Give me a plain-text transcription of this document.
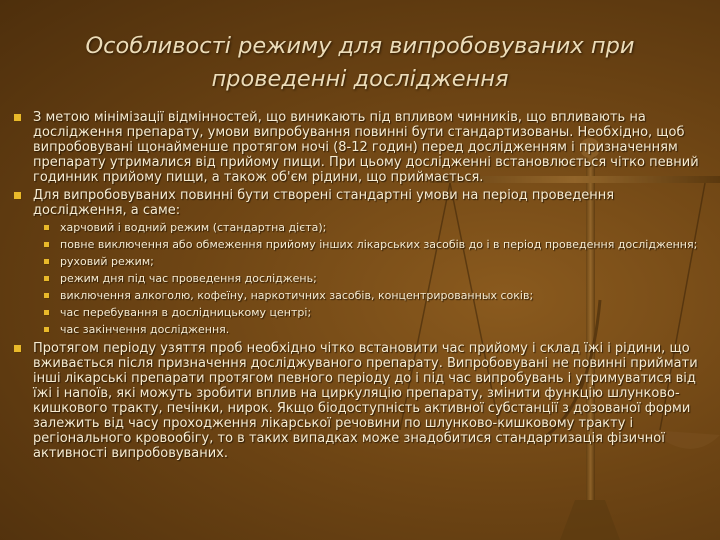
Особливості режиму для випробовуваних при проведенні дослідження
З метою мінімізації відмінностей, що виникають під впливом чинників, що впливають на дослідження препарату, умови випробування повинні бути стандартизованы. Необхідно, щоб випробовувані щонайменше протягом ночі (8-12 годин) перед дослідженням і призначенням препарату утрималися від прийому пищи. При цьому дослідженні встановлюється чітко певний годинник прийому пищи, а також об'єм рідини, що приймається.
Для випробовуваних повинні бути створені стандартні умови на період проведення дослідження, а саме:
харчовий і водний режим (стандартна дієта);
повне виключення або обмеження прийому інших лікарських засобів до і в період проведення дослідження;
руховий режим;
режим дня під час проведення досліджень;
виключення алкоголю, кофеїну, наркотичних засобів, концентрированных соків;
час перебування в дослідницькому центрі;
час закінчення дослідження.
Протягом періоду узяття проб необхідно чітко встановити час прийому і склад їжі і рідини, що вживається після призначення досліджуваного препарату. Випробовувані не повинні приймати інші лікарські препарати протягом певного періоду до і під час випробувань і утримуватися від їжі і напоїв, які можуть зробити вплив на циркуляцію препарату, змінити функцію шлунково-кишкового тракту, печінки, нирок. Якщо біодоступність активної субстанції з дозованої форми залежить від часу проходження лікарської речовини по шлунково-кишковому тракту і регіонального кровообігу, то в таких випадках може знадобитися стандартизація фізичної активності випробовуваних.
